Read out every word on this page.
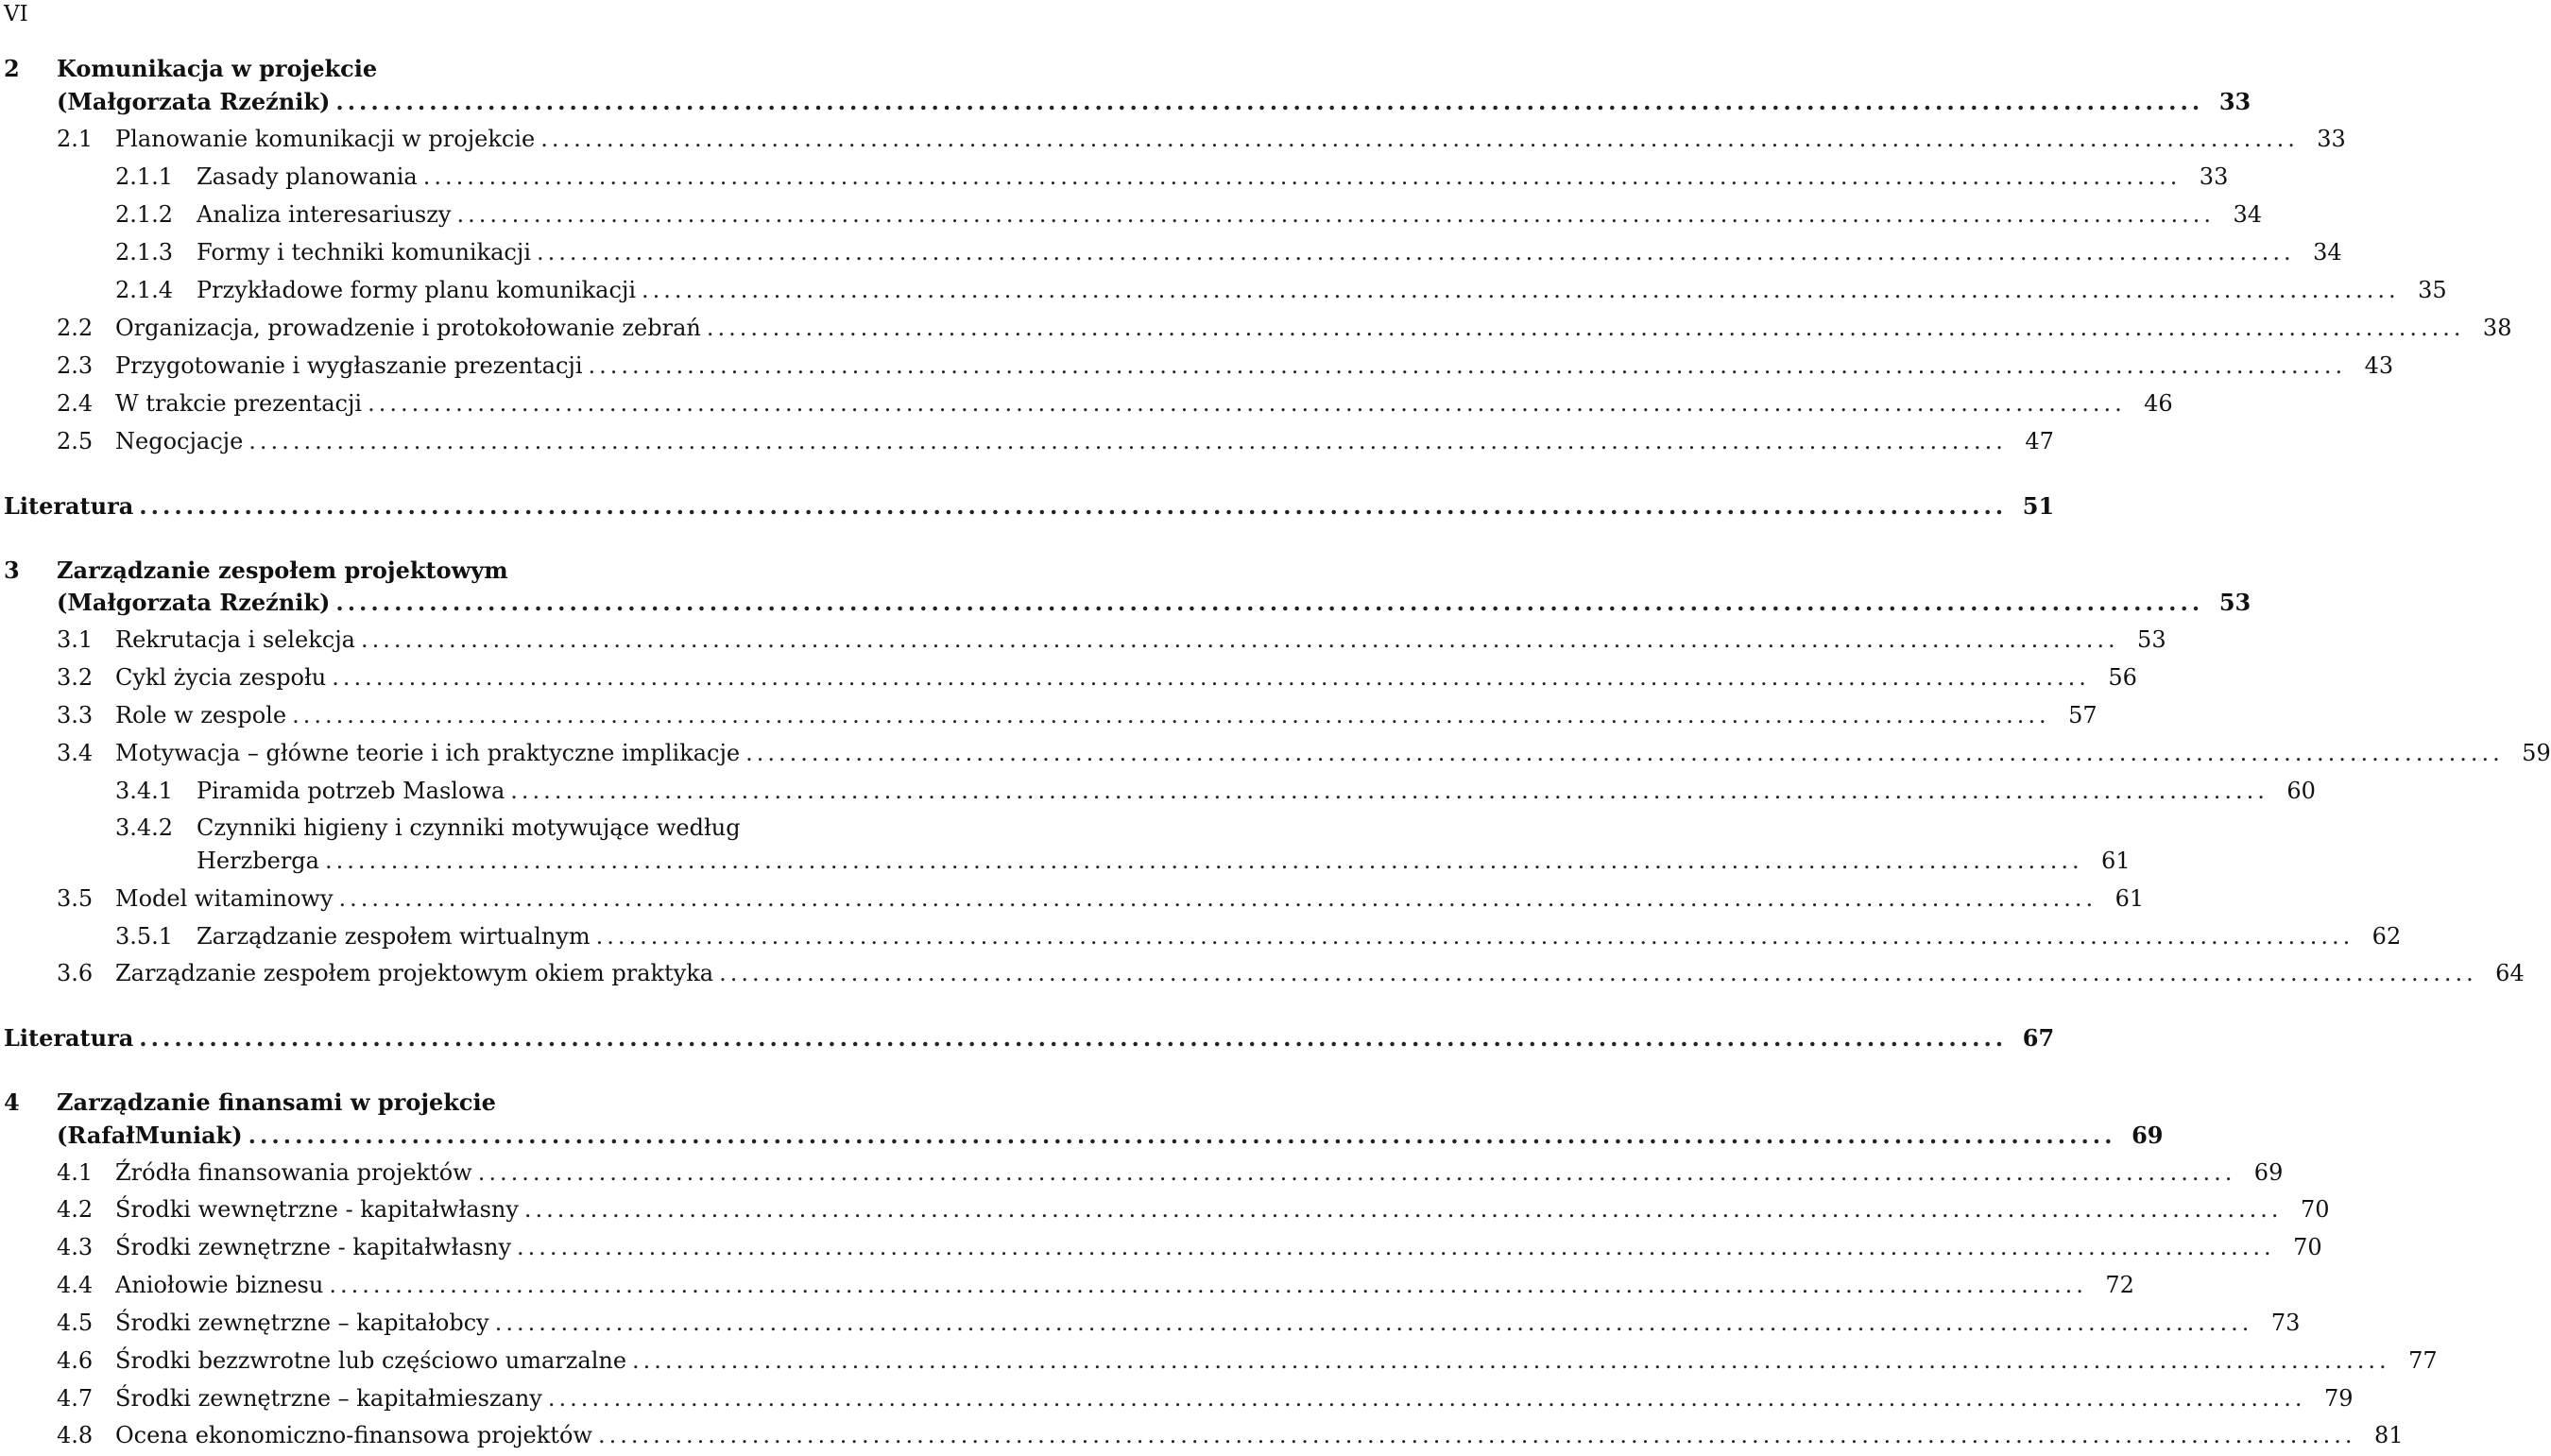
VI
2	Komunikacja w projekcie
(Małgorzata Rzeźnik) ................................................................................................................................................................ 33
2.1 Planowanie komunikacji w projekcie ................................................................................................................................................................ 33
2.1.1	Zasady planowania ................................................................................................................................................................ 33
2.1.2	Analiza interesariuszy ................................................................................................................................................................ 34
2.1.3	Formy i techniki komunikacji ................................................................................................................................................................ 34
2.1.4	Przykładowe formy planu komunikacji ................................................................................................................................................................ 35
2.2 Organizacja, prowadzenie i protokołowanie zebrań ................................................................................................................................................................ 38
2.3 Przygotowanie i wygłaszanie prezentacji ................................................................................................................................................................ 43
2.4 W trakcie prezentacji ................................................................................................................................................................ 46
2.5 Negocjacje ................................................................................................................................................................ 47
Literatura ................................................................................................................................................................ 51
3	Zarządzanie zespołem projektowym
(Małgorzata Rzeźnik) ................................................................................................................................................................ 53
3.1 Rekrutacja i selekcja ................................................................................................................................................................ 53
3.2 Cykl życia zespołu ................................................................................................................................................................ 56
3.3 Role w zespole ................................................................................................................................................................ 57
3.4 Motywacja – główne teorie i ich praktyczne implikacje ................................................................................................................................................................ 59
3.4.1	Piramida potrzeb Maslowa ................................................................................................................................................................ 60
3.4.2	Czynniki higieny i czynniki motywujące według
Herzberga ................................................................................................................................................................ 61
3.5 Model witaminowy ................................................................................................................................................................ 61
3.5.1	Zarządzanie zespołem wirtualnym ................................................................................................................................................................ 62
3.6 Zarządzanie zespołem projektowym okiem praktyka ................................................................................................................................................................ 64
Literatura ................................................................................................................................................................ 67
4	Zarządzanie finansami w projekcie
(RafałMuniak) ................................................................................................................................................................ 69
4.1 Źródła finansowania projektów ................................................................................................................................................................ 69
4.2 Środki wewnętrzne - kapitałwłasny ................................................................................................................................................................ 70
4.3 Środki zewnętrzne - kapitałwłasny ................................................................................................................................................................ 70
4.4 Aniołowie biznesu ................................................................................................................................................................ 72
4.5 Środki zewnętrzne – kapitałobcy ................................................................................................................................................................ 73
4.6 Środki bezzwrotne lub częściowo umarzalne ................................................................................................................................................................ 77
4.7 Środki zewnętrzne – kapitałmieszany ................................................................................................................................................................ 79
4.8 Ocena ekonomiczno-finansowa projektów ................................................................................................................................................................ 81
